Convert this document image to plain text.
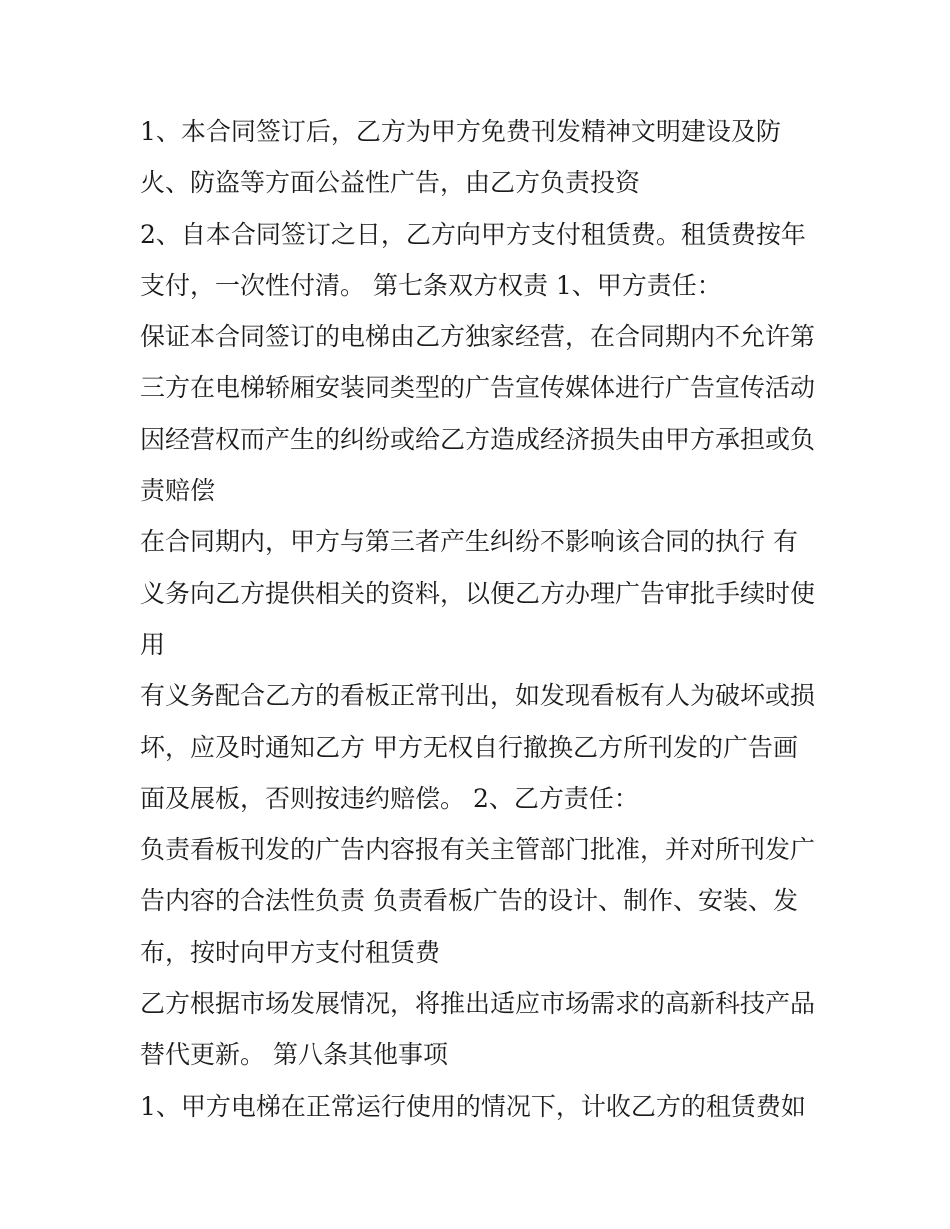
1、本合同签订后，乙方为甲方免费刊发精神文明建设及防
火、防盗等方面公益性广告，由乙方负责投资
2、自本合同签订之日，乙方向甲方支付租赁费。租赁费按年
支付，一次性付清。 第七条双方权责 1、甲方责任：
保证本合同签订的电梯由乙方独家经营，在合同期内不允许第
三方在电梯轿厢安装同类型的广告宣传媒体进行广告宣传活动
因经营权而产生的纠纷或给乙方造成经济损失由甲方承担或负
责赔偿
在合同期内，甲方与第三者产生纠纷不影响该合同的执行 有
义务向乙方提供相关的资料，以便乙方办理广告审批手续时使
用
有义务配合乙方的看板正常刊出，如发现看板有人为破坏或损
坏，应及时通知乙方 甲方无权自行撤换乙方所刊发的广告画
面及展板，否则按违约赔偿。 2、乙方责任：
负责看板刊发的广告内容报有关主管部门批准，并对所刊发广
告内容的合法性负责 负责看板广告的设计、制作、安装、发
布，按时向甲方支付租赁费
乙方根据市场发展情况，将推出适应市场需求的高新科技产品
替代更新。 第八条其他事项
1、甲方电梯在正常运行使用的情况下，计收乙方的租赁费如
